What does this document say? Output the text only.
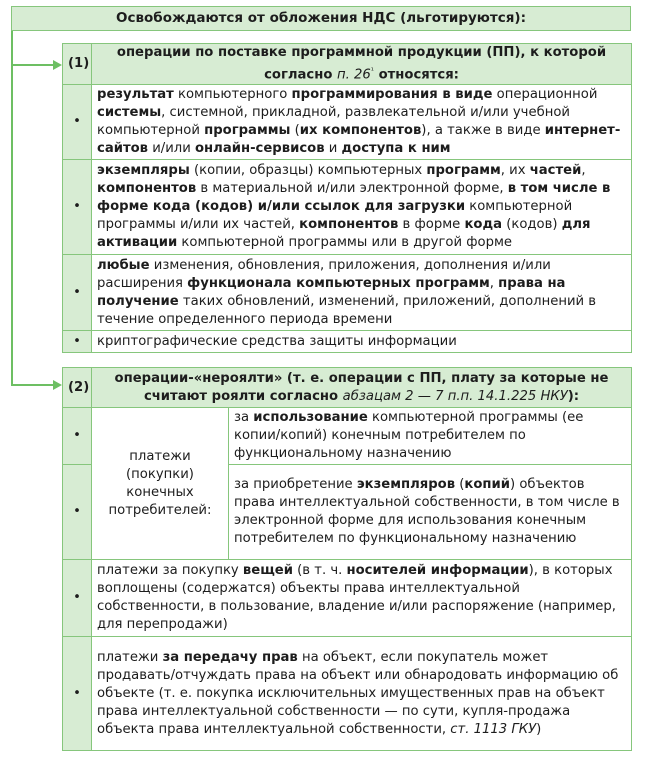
Освобождаются от обложения НДС (льготируются):
(1)	операции по поставке программной продукции (ПП), к которой согласно п. $26^{^1}$ относятся:
•	результат компьютерного программирования в виде операционной системы, системной, прикладной, развлекательной и/или учебной компьютерной программы (их компонентов), а также в виде интернет-сайтов и/или онлайн-сервисов и доступа к ним
•	экземпляры (копии, образцы) компьютерных программ, их частей, компонентов в материальной и/или электронной форме, в том числе в форме кода (кодов) и/или ссылок для загрузки компьютерной программы и/или их частей, компонентов в форме кода (кодов) для активации компьютерной программы или в другой форме
•	любые изменения, обновления, приложения, дополнения и/или расширения функционала компьютерных программ, права на получение таких обновлений, изменений, приложений, дополнений в течение определенного периода времени
•	криптографические средства защиты информации
(2)	операции-«нероялти» (т. е. операции с ПП, плату за которые не считают роялти согласно абзацам 2 — 7 п.п. 14.1.225 НКУ):	
•	платежи (покупки) конечных потребителей:	за использование компьютерной программы (ее копии/копий) конечным потребителем по функциональному назначению
•		за приобретение экземпляров (копий) объектов права интеллектуальной собственности, в том числе в электронной форме для использования конечным потребителем по функциональному назначению
•	платежи за покупку вещей (в т. ч. носителей информации), в которых воплощены (содержатся) объекты права интеллектуальной собственности, в пользование, владение и/или распоряжение (например, для перепродажи)	
•	платежи за передачу прав на объект, если покупатель может продавать/отчуждать права на объект или обнародовать информацию об объекте (т. е. покупка исключительных имущественных прав на объект права интеллектуальной собственности — по сути, купля-продажа объекта права интеллектуальной собственности, ст. 1113 ГКУ)	
